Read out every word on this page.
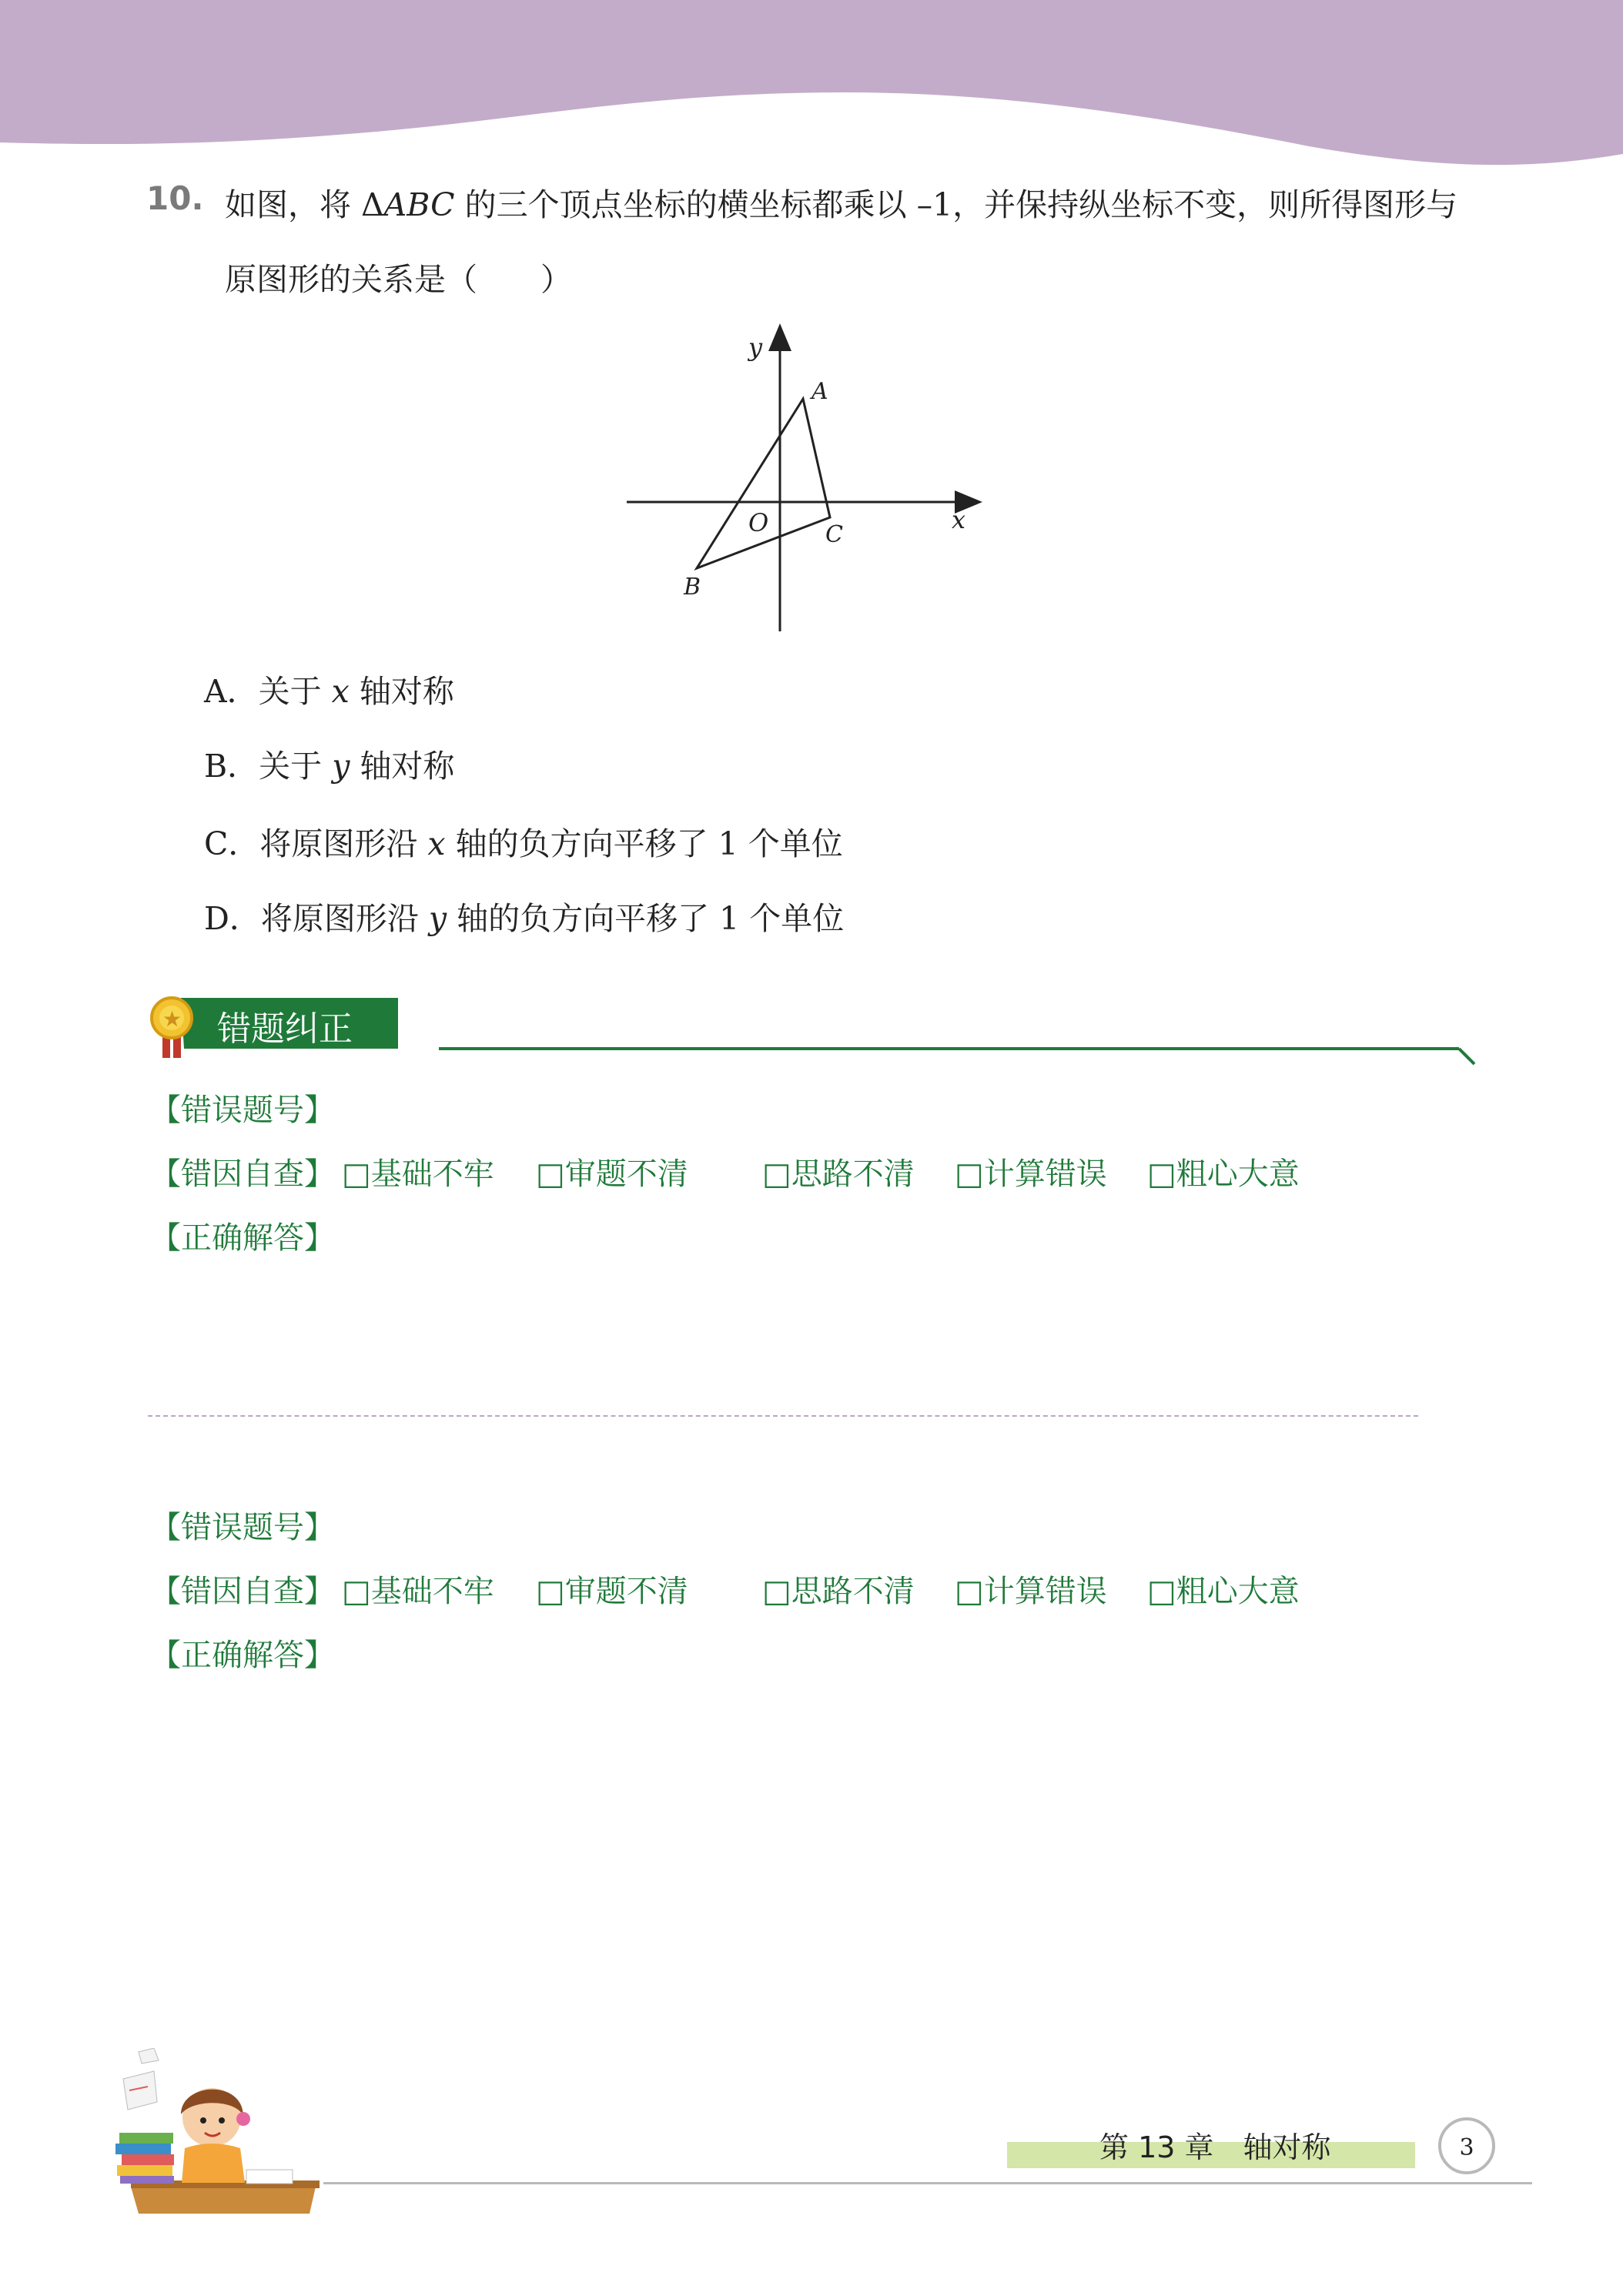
10. 如图，将 ΔABC 的三个顶点坐标的横坐标都乘以 –1，并保持纵坐标不变，则所得图形与
原图形的关系是（　　）
y
x
O
A
B
C
A．关于 x 轴对称
B．关于 y 轴对称
C．将原图形沿 x 轴的负方向平移了 1 个单位
D．将原图形沿 y 轴的负方向平移了 1 个单位
★ 错题纠正
【错误题号】
【错因自查】 □基础不牢 □审题不清 □思路不清 □计算错误 □粗心大意
【正确解答】
【错误题号】
【错因自查】 □基础不牢 □审题不清 □思路不清 □计算错误 □粗心大意
【正确解答】
第 13 章　轴对称	3
